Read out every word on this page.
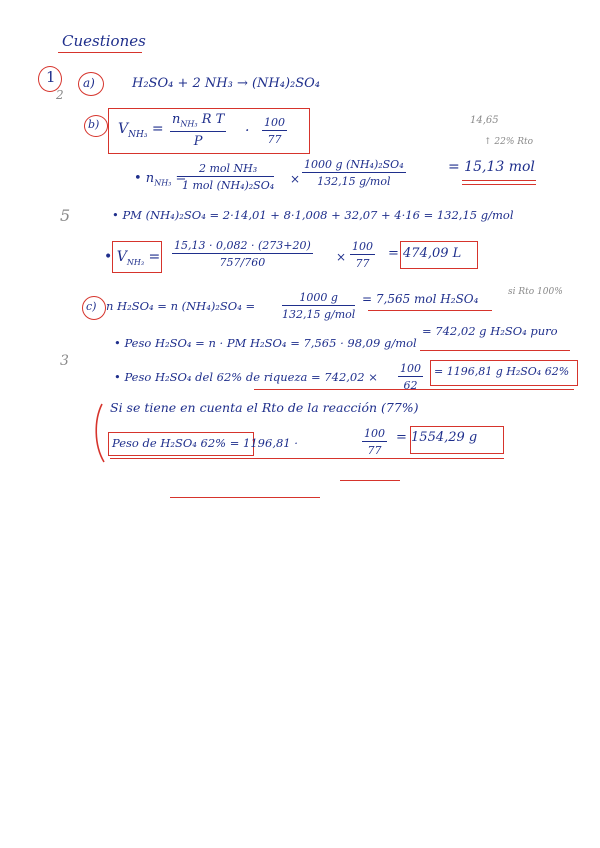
Cuestiones
1
2
a)	H₂SO₄ + 2 NH₃ → (NH₄)₂SO₄
b) $V_{NH_3}$ =
$n_{NH_3}$ R T
P
·
100
77
14,65
↑ 22% Rto
• $n_{NH_3}$ =
2 mol NH₃
1 mol (NH₄)₂SO₄ ×
1000 g (NH₄)₂SO₄
132,15 g/mol
= 15,13 mol
5	• PM (NH₄)₂SO₄ = 2·14,01 + 8·1,008 + 32,07 + 4·16 = 132,15 g/mol
• $V_{NH_3}$ =
15,13 · 0,082 · (273+20)
757/760	×
100
77
= 474,09 L
c) n H₂SO₄ = n (NH₄)₂SO₄ =
1000 g
132,15 g/mol
= 7,565 mol H₂SO₄	si Rto 100%
3
• Peso H₂SO₄ = n · PM H₂SO₄ = 7,565 · 98,09 g/mol
= 742,02 g H₂SO₄ puro
• Peso H₂SO₄ del 62% de riqueza = 742,02 ×
100
62
= 1196,81 g H₂SO₄ 62%
Si se tiene en cuenta el Rto de la reacción (77%)
Peso de H₂SO₄ 62% = 1196,81 ·
100
77
= 1554,29 g
